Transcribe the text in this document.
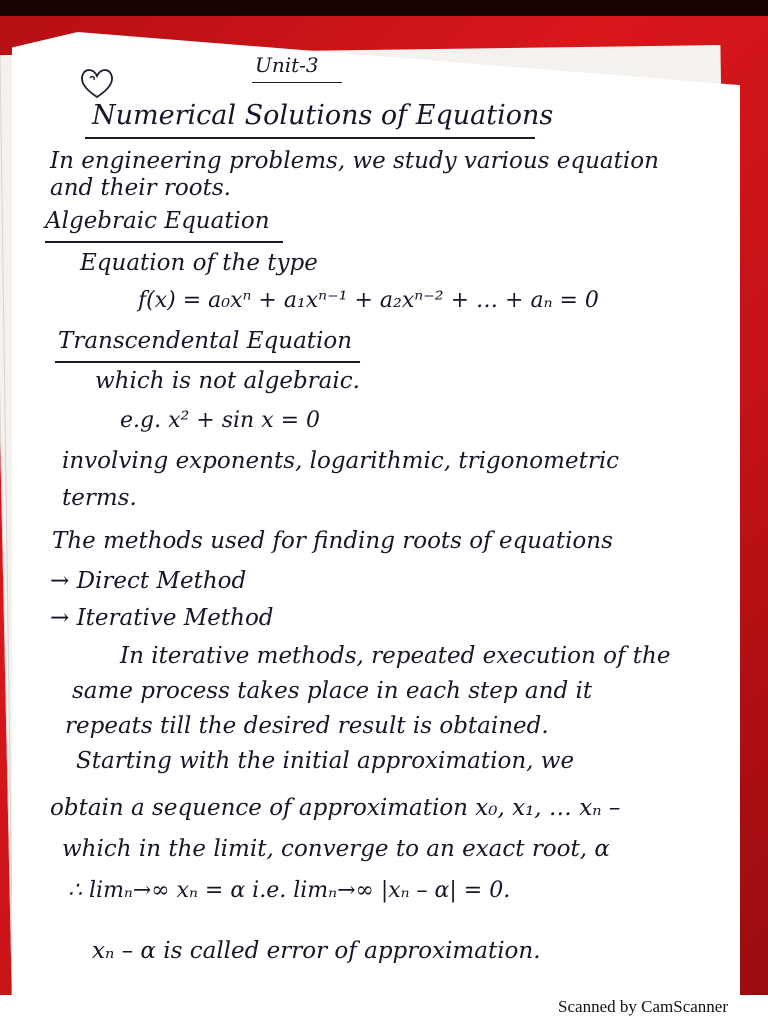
Unit-3
Numerical Solutions of Equations
In engineering problems, we study various equation
and their roots.
Algebraic Equation
Equation of the type
f(x) = a₀xⁿ + a₁xⁿ⁻¹ + a₂xⁿ⁻² + … + aₙ = 0
Transcendental Equation
which is not algebraic.
e.g. x² + sin x = 0
involving exponents, logarithmic, trigonometric
terms.
The methods used for finding roots of equations
→ Direct Method
→ Iterative Method
In iterative methods, repeated execution of the
same process takes place in each step and it
repeats till the desired result is obtained.
Starting with the initial approximation, we
obtain a sequence of approximation x₀, x₁, … xₙ –
which in the limit, converge to an exact root, α
∴ limₙ→∞ xₙ = α i.e. limₙ→∞ |xₙ – α| = 0.
xₙ – α is called error of approximation.
Scanned by CamScanner
